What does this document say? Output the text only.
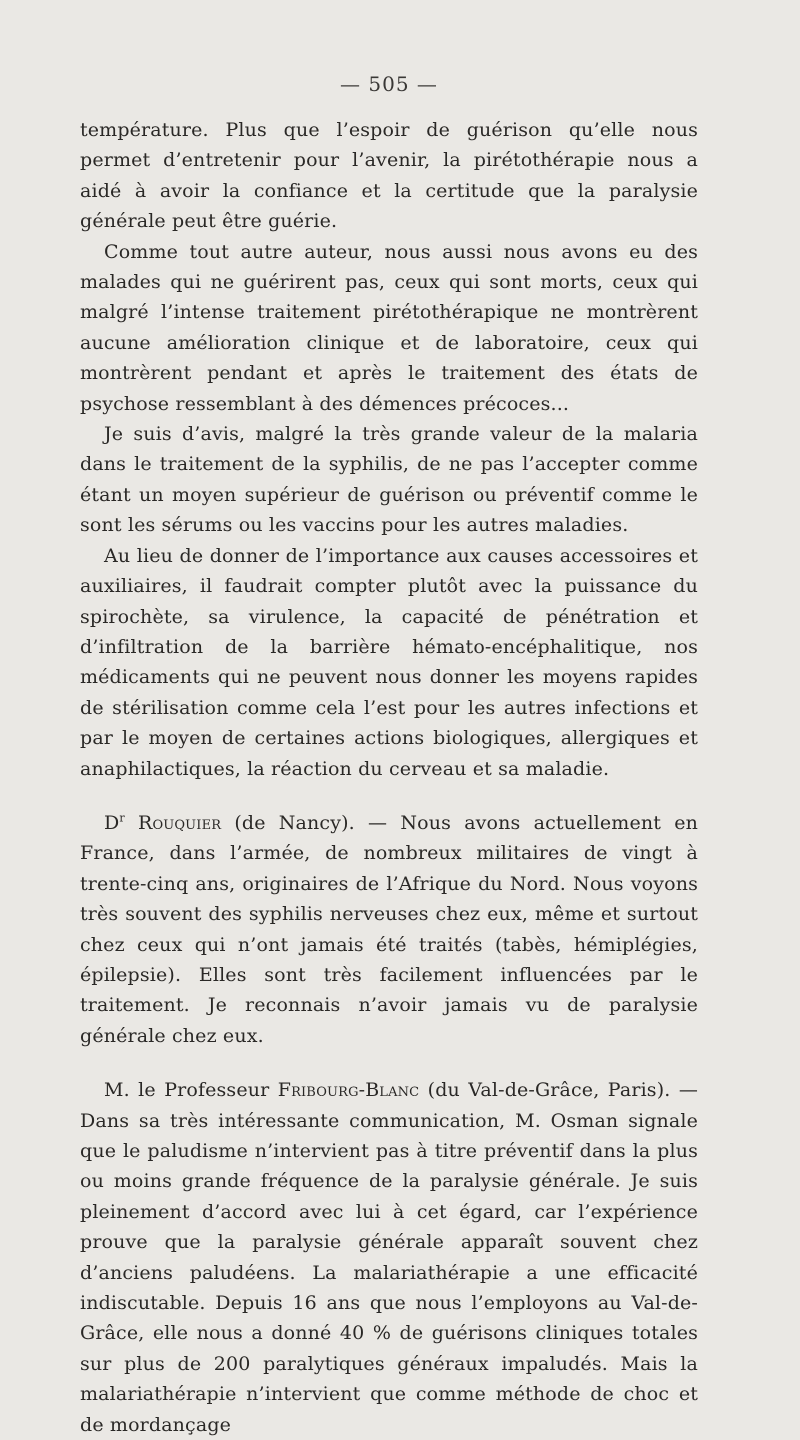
— 505 —

température. Plus que l’espoir de guérison qu’elle nous permet d’entretenir pour l’avenir, la pirétothérapie nous a aidé à avoir la confiance et la certitude que la paralysie générale peut être guérie.

Comme tout autre auteur, nous aussi nous avons eu des malades qui ne guérirent pas, ceux qui sont morts, ceux qui malgré l’intense traitement pirétothérapique ne montrèrent aucune amélioration clinique et de laboratoire, ceux qui montrèrent pendant et après le traitement des états de psychose ressemblant à des démences précoces...

Je suis d’avis, malgré la très grande valeur de la malaria dans le traitement de la syphilis, de ne pas l’accepter comme étant un moyen supérieur de guérison ou préventif comme le sont les sérums ou les vaccins pour les autres maladies.

Au lieu de donner de l’importance aux causes accessoires et auxiliaires, il faudrait compter plutôt avec la puissance du spirochète, sa virulence, la capacité de pénétration et d’infiltration de la barrière hémato-encéphalitique, nos médicaments qui ne peuvent nous donner les moyens rapides de stérilisation comme cela l’est pour les autres infections et par le moyen de certaines actions biologiques, allergiques et anaphilactiques, la réaction du cerveau et sa maladie.

$D^r$ Rouquier (de Nancy). — Nous avons actuellement en France, dans l’armée, de nombreux militaires de vingt à trente-cinq ans, originaires de l’Afrique du Nord. Nous voyons très souvent des syphilis nerveuses chez eux, même et surtout chez ceux qui n’ont jamais été traités (tabès, hémiplégies, épilepsie). Elles sont très facilement influencées par le traitement. Je reconnais n’avoir jamais vu de paralysie générale chez eux.

M. le Professeur Fribourg-Blanc (du Val-de-Grâce, Paris). — Dans sa très intéressante communication, M. Osman signale que le paludisme n’intervient pas à titre préventif dans la plus ou moins grande fréquence de la paralysie générale. Je suis pleinement d’accord avec lui à cet égard, car l’expérience prouve que la paralysie générale apparaît souvent chez d’anciens paludéens. La malariathérapie a une efficacité indiscutable. Depuis 16 ans que nous l’employons au Val-de-Grâce, elle nous a donné 40 % de guérisons cliniques totales sur plus de 200 paralytiques généraux impaludés. Mais la malariathérapie n’intervient que comme méthode de choc et de mordançage
